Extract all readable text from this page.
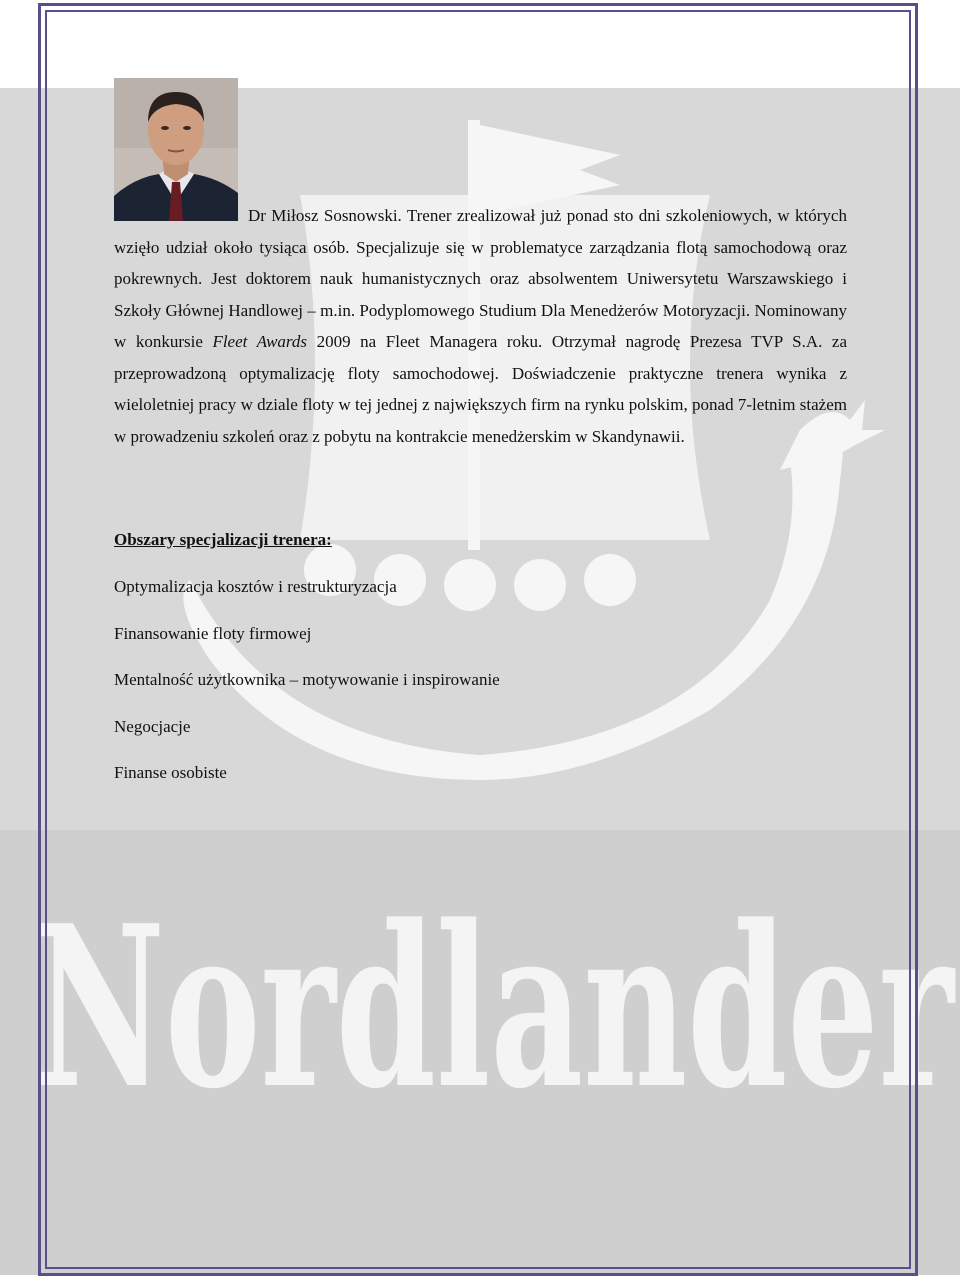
Nordlander
Dr Miłosz Sosnowski. Trener zrealizował już ponad sto dni szkoleniowych, w których wzięło udział około tysiąca osób. Specjalizuje się w problematyce zarządzania flotą samochodową oraz pokrewnych. Jest doktorem nauk humanistycznych oraz absolwentem Uniwersytetu Warszawskiego i Szkoły Głównej Handlowej – m.in. Podyplomowego Studium Dla Menedżerów Motoryzacji. Nominowany w konkursie Fleet Awards 2009 na Fleet Managera roku. Otrzymał nagrodę Prezesa TVP S.A. za przeprowadzoną optymalizację floty samochodowej. Doświadczenie praktyczne trenera wynika z wieloletniej pracy w dziale floty w tej jednej z największych firm na rynku polskim, ponad 7-letnim stażem w prowadzeniu szkoleń oraz z pobytu na kontrakcie menedżerskim w Skandynawii.
Obszary specjalizacji trenera:
Optymalizacja kosztów i restrukturyzacja
Finansowanie floty firmowej
Mentalność użytkownika – motywowanie i inspirowanie
Negocjacje
Finanse osobiste
